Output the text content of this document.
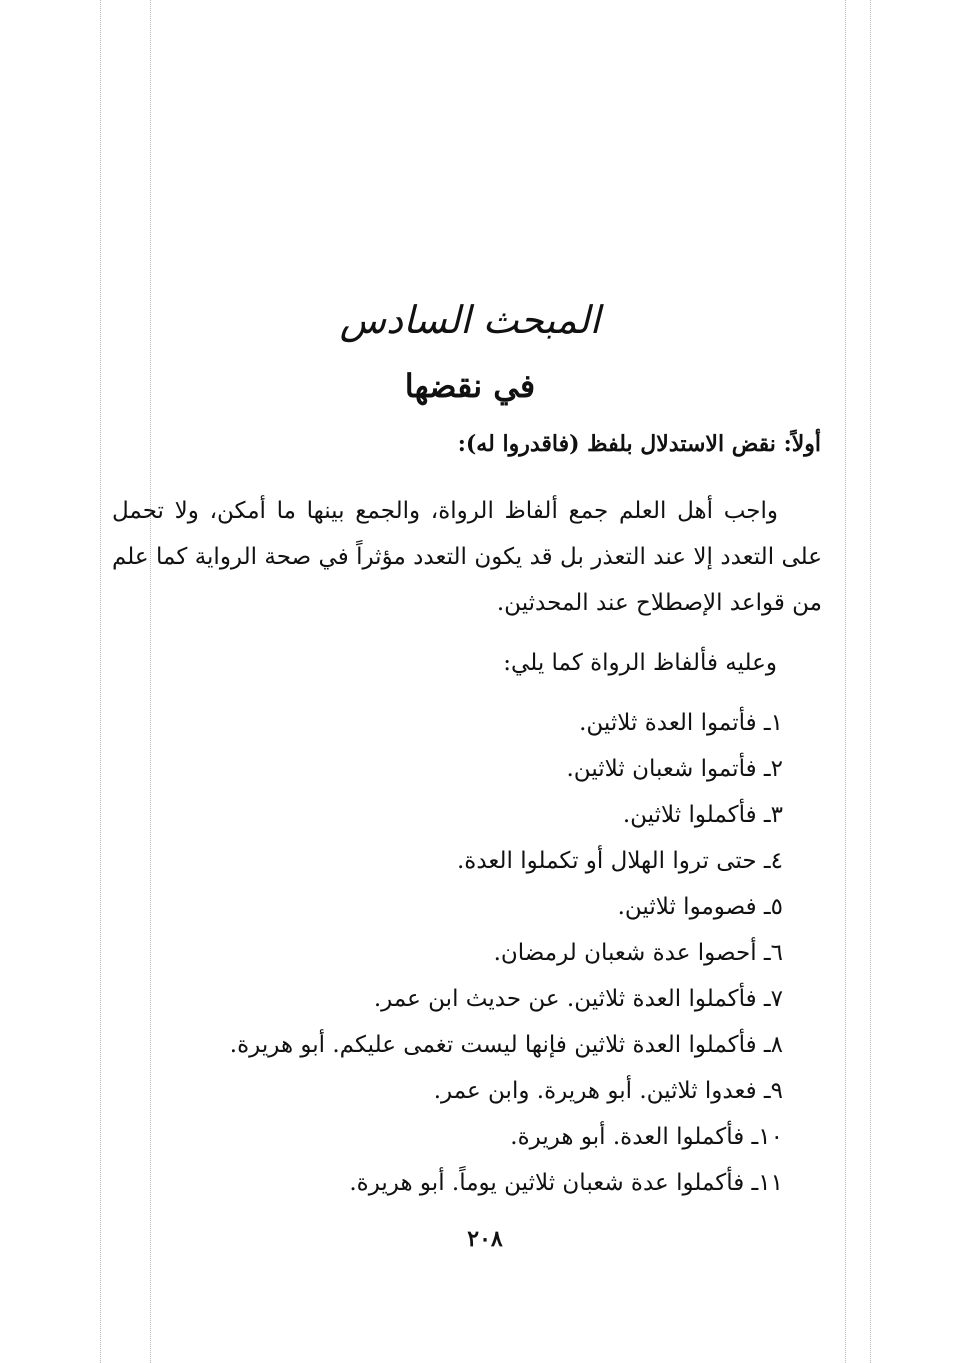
المبحث السادس
في نقضها
أولاً: نقض الاستدلال بلفظ (فاقدروا له):

واجب أهل العلم جمع ألفاظ الرواة، والجمع بينها ما أمكن، ولا تحمل على التعدد إلا عند التعذر بل قد يكون التعدد مؤثراً في صحة الرواية كما علم من قواعد الإصطلاح عند المحدثين.

وعليه فألفاظ الرواة كما يلي:
١ـ فأتموا العدة ثلاثين.
٢ـ فأتموا شعبان ثلاثين.
٣ـ فأكملوا ثلاثين.
٤ـ حتى تروا الهلال أو تكملوا العدة.
٥ـ فصوموا ثلاثين.
٦ـ أحصوا عدة شعبان لرمضان.
٧ـ فأكملوا العدة ثلاثين. عن حديث ابن عمر.
٨ـ فأكملوا العدة ثلاثين فإنها ليست تغمى عليكم. أبو هريرة.
٩ـ فعدوا ثلاثين. أبو هريرة. وابن عمر.
١٠ـ فأكملوا العدة. أبو هريرة.
١١ـ فأكملوا عدة شعبان ثلاثين يوماً. أبو هريرة.
٢٠٨
